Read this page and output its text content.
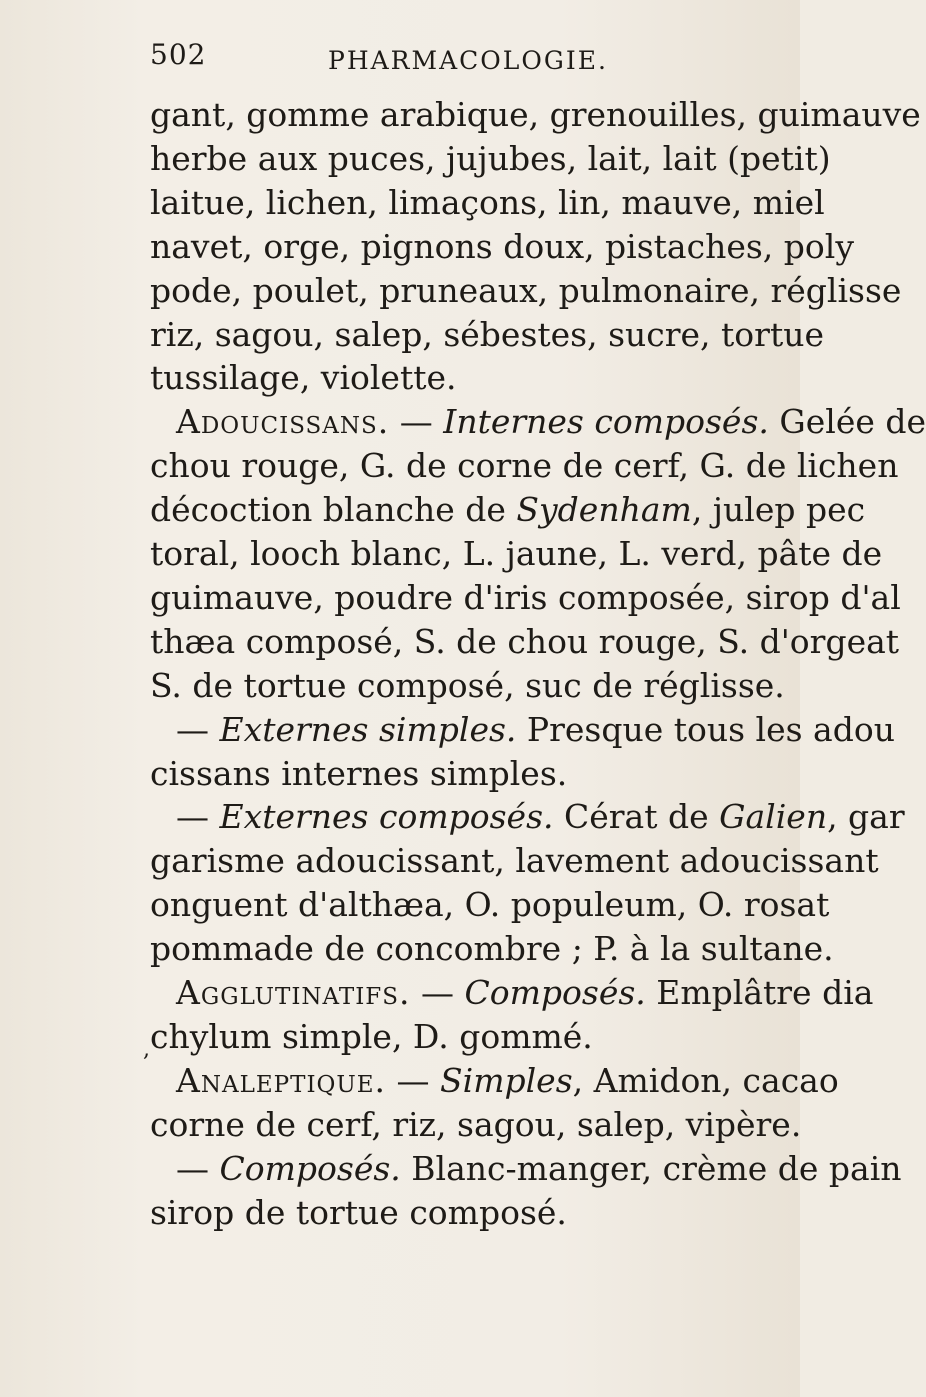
502	PHARMACOLOGIE.
gant, gomme arabique, grenouilles, guimauve
herbe aux puces, jujubes, lait, lait (petit)
laitue, lichen, limaçons, lin, mauve, miel
navet, orge, pignons doux, pistaches, poly
pode, poulet, pruneaux, pulmonaire, réglisse
riz, sagou, salep, sébestes, sucre, tortue
tussilage, violette.
Adoucissans. — Internes composés. Gelée de
chou rouge, G. de corne de cerf, G. de lichen
décoction blanche de Sydenham, julep pec
toral, looch blanc, L. jaune, L. verd, pâte de
guimauve, poudre d'iris composée, sirop d'al
thæa composé, S. de chou rouge, S. d'orgeat
S. de tortue composé, suc de réglisse.
— Externes simples. Presque tous les adou
cissans internes simples.
— Externes composés. Cérat de Galien, gar
garisme adoucissant, lavement adoucissant
onguent d'althæa, O. populeum, O. rosat
pommade de concombre ; P. à la sultane.
Agglutinatifs. — Composés. Emplâtre dia
chylum simple, D. gommé.
Analeptique. — Simples, Amidon, cacao
corne de cerf, riz, sagou, salep, vipère.
— Composés. Blanc-manger, crème de pain
sirop de tortue composé.
,
